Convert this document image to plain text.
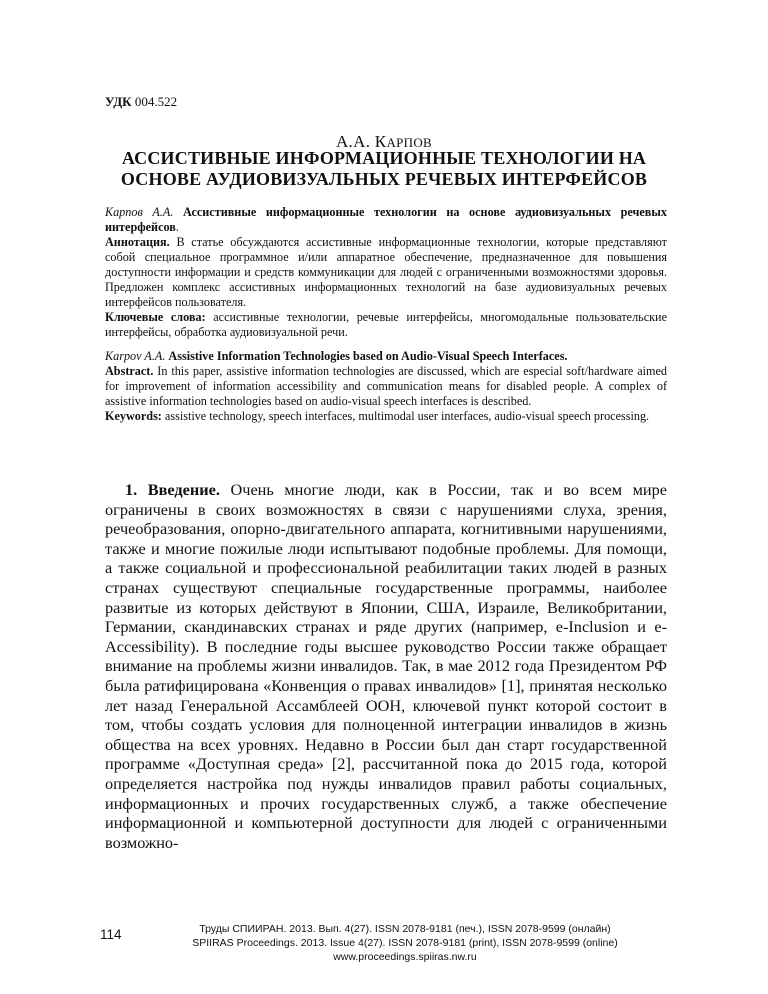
УДК 004.522
А.А. КАРПОВ
АССИСТИВНЫЕ ИНФОРМАЦИОННЫЕ ТЕХНОЛОГИИ НА
ОСНОВЕ АУДИОВИЗУАЛЬНЫХ РЕЧЕВЫХ ИНТЕРФЕЙСОВ

Карпов А.А. Ассистивные информационные технологии на основе аудиовизуальных речевых интерфейсов.

Аннотация. В статье обсуждаются ассистивные информационные технологии, которые представляют собой специальное программное и/или аппаратное обеспечение, предназначенное для повышения доступности информации и средств коммуникации для людей с ограниченными возможностями здоровья. Предложен комплекс ассистивных информационных технологий на базе аудиовизуальных речевых интерфейсов пользователя.

Ключевые слова: ассистивные технологии, речевые интерфейсы, многомодальные пользовательские интерфейсы, обработка аудиовизуальной речи.

Karpov A.A. Assistive Information Technologies based on Audio-Visual Speech Interfaces.

Abstract. In this paper, assistive information technologies are discussed, which are especial soft/hardware aimed for improvement of information accessibility and communication means for disabled people. A complex of assistive information technologies based on audio-visual speech interfaces is described.

Keywords: assistive technology, speech interfaces, multimodal user interfaces, audio-visual speech processing.

1. Введение. Очень многие люди, как в России, так и во всем мире ограничены в своих возможностях в связи с нарушениями слуха, зрения, речеобразования, опорно-двигательного аппарата, когнитивными нарушениями, также и многие пожилые люди испытывают подобные проблемы. Для помощи, а также социальной и профессиональной реабилитации таких людей в разных странах существуют специальные государственные программы, наиболее развитые из которых действуют в Японии, США, Израиле, Великобритании, Германии, скандинавских странах и ряде других (например, e-Inclusion и e-Accessibility). В последние годы высшее руководство России также обращает внимание на проблемы жизни инвалидов. Так, в мае 2012 года Президентом РФ была ратифицирована «Конвенция о правах инвалидов» [1], принятая несколько лет назад Генеральной Ассамблеей ООН, ключевой пункт которой состоит в том, чтобы создать условия для полноценной интеграции инвалидов в жизнь общества на всех уровнях. Недавно в России был дан старт государственной программе «Доступная среда» [2], рассчитанной пока до 2015 года, которой определяется настройка под нужды инвалидов правил работы социальных, информационных и прочих государственных служб, а также обеспечение информационной и компьютерной доступности для людей с ограниченными возможно-

114	Труды СПИИРАН. 2013. Вып. 4(27). ISSN 2078-9181 (печ.), ISSN 2078-9599 (онлайн)
SPIIRAS Proceedings. 2013. Issue 4(27). ISSN 2078-9181 (print), ISSN 2078-9599 (online)
www.proceedings.spiiras.nw.ru
